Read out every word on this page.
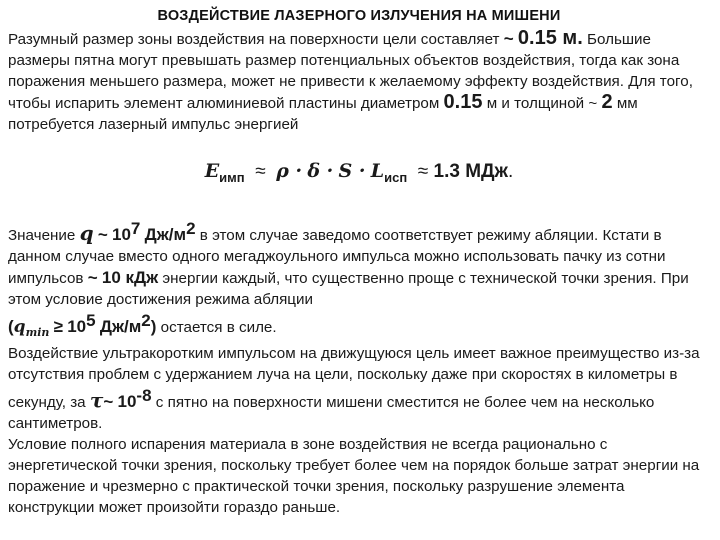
ВОЗДЕЙСТВИЕ ЛАЗЕРНОГО ИЗЛУЧЕНИЯ НА МИШЕНИ

Разумный размер зоны воздействия на поверхности цели составляет ~ 0.15 м. Большие размеры пятна могут превышать размер потенциальных объектов воздействия, тогда как зона поражения меньшего размера, может не привести к желаемому эффекту воздействия. Для того, чтобы испарить элемент алюминиевой пластины диаметром 0.15 м и толщиной ~ 2 мм потребуется лазерный импульс энергией

$E_{имп} \approx \rho \cdot \delta \cdot S \cdot L_{исп} \approx 1.3$ МДж.

Значение q ~ $10^7$ $Дж/м^2$ в этом случае заведомо соответствует режиму абляции. Кстати в данном случае вместо одного мегаджоульного импульса можно использовать пачку из сотни импульсов ~ 10 кДж энергии каждый, что существенно проще с технической точки зрения. При этом условие достижения режима абляции
($q_{min} \ge 10^5$ $Дж/м^2$) остается в силе.

Воздействие ультракоротким импульсом на движущуюся цель имеет важное преимущество из-за отсутствия проблем с удержанием луча на цели, поскольку даже при скоростях в километры в секунду, за τ~ $10^{-8}$ с пятно на поверхности мишени сместится не более чем на несколько сантиметров.

Условие полного испарения материала в зоне воздействия не всегда рационально с энергетической точки зрения, поскольку требует более чем на порядок больше затрат энергии на поражение и чрезмерно с практической точки зрения, поскольку разрушение элемента конструкции может произойти гораздо раньше.
